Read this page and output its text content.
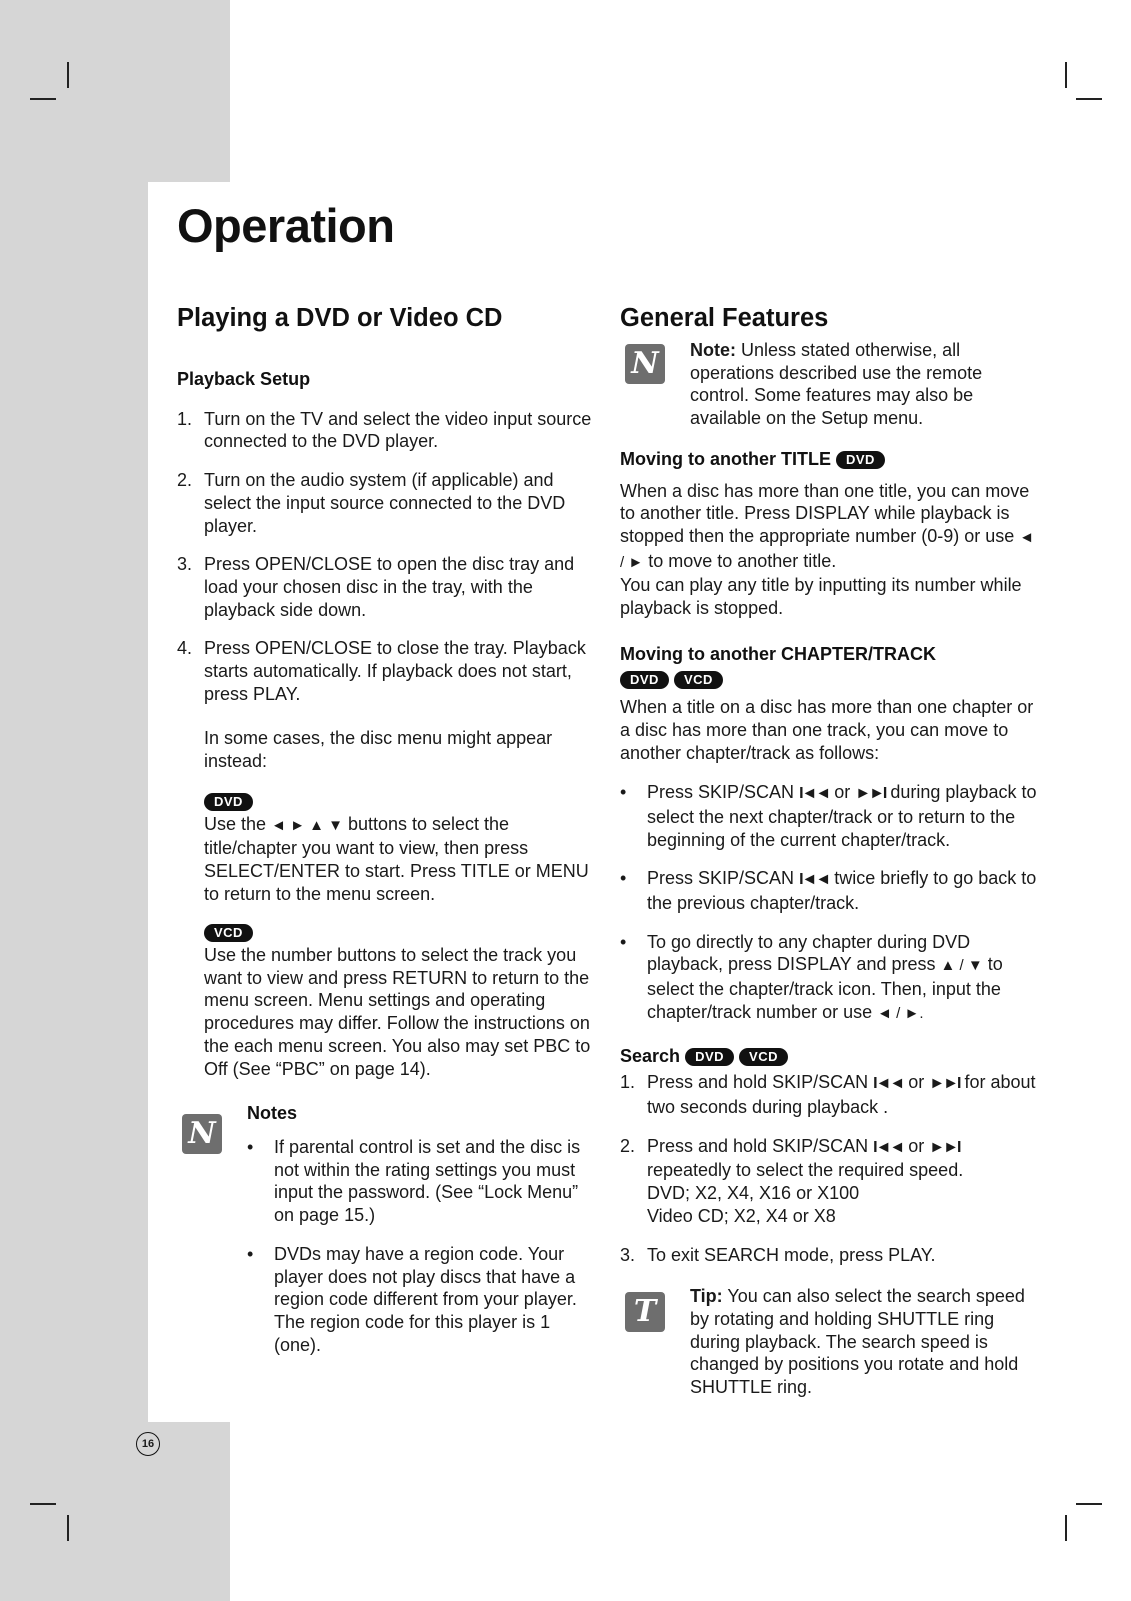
Operation
Playing a DVD or Video CD
Playback Setup
1. Turn on the TV and select the video input source connected to the DVD player.
2. Turn on the audio system (if applicable) and select the input source connected to the DVD player.
3. Press OPEN/CLOSE to open the disc tray and load your chosen disc in the tray, with the playback side down.
4. Press OPEN/CLOSE to close the tray. Playback starts automatically. If playback does not start, press PLAY.

In some cases, the disc menu might appear instead:

DVD

Use the ◄ ► ▲ ▼ buttons to select the title/chapter you want to view, then press SELECT/ENTER to start. Press TITLE or MENU to return to the menu screen.

VCD

Use the number buttons to select the track you want to view and press RETURN to return to the menu screen. Menu settings and operating procedures may differ. Follow the instructions on the each menu screen. You also may set PBC to Off (See “PBC” on page 14).

N
Notes
• If parental control is set and the disc is not within the rating settings you must input the password. (See “Lock Menu” on page 15.)
• DVDs may have a region code. Your player does not play discs that have a region code different from your player. The region code for this player is 1 (one).
General Features
N	Note: Unless stated otherwise, all operations described use the remote control. Some features may also be available on the Setup menu.

Moving to another TITLE DVD

When a disc has more than one title, you can move to another title. Press DISPLAY while playback is stopped then the appropriate number (0-9) or use ◄ / ► to move to another title.

You can play any title by inputting its number while playback is stopped.

Moving to another CHAPTER/TRACK
DVD VCD

When a title on a disc has more than one chapter or a disc has more than one track, you can move to another chapter/track as follows:

• Press SKIP/SCAN I◄◄ or ►►I during playback to select the next chapter/track or to return to the beginning of the current chapter/track.
• Press SKIP/SCAN I◄◄ twice briefly to go back to the previous chapter/track.
• To go directly to any chapter during DVD playback, press DISPLAY and press ▲ / ▼ to select the chapter/track icon. Then, input the chapter/track number or use ◄ / ►.
Search DVD VCD
1. Press and hold SKIP/SCAN I◄◄ or ►►I for about two seconds during playback .
2. Press and hold SKIP/SCAN I◄◄ or ►►I repeatedly to select the required speed.
DVD; X2, X4, X16 or X100
Video CD; X2, X4 or X8
3. To exit SEARCH mode, press PLAY.
T	Tip: You can also select the search speed by rotating and holding SHUTTLE ring during playback. The search speed is changed by positions you rotate and hold SHUTTLE ring.

16
